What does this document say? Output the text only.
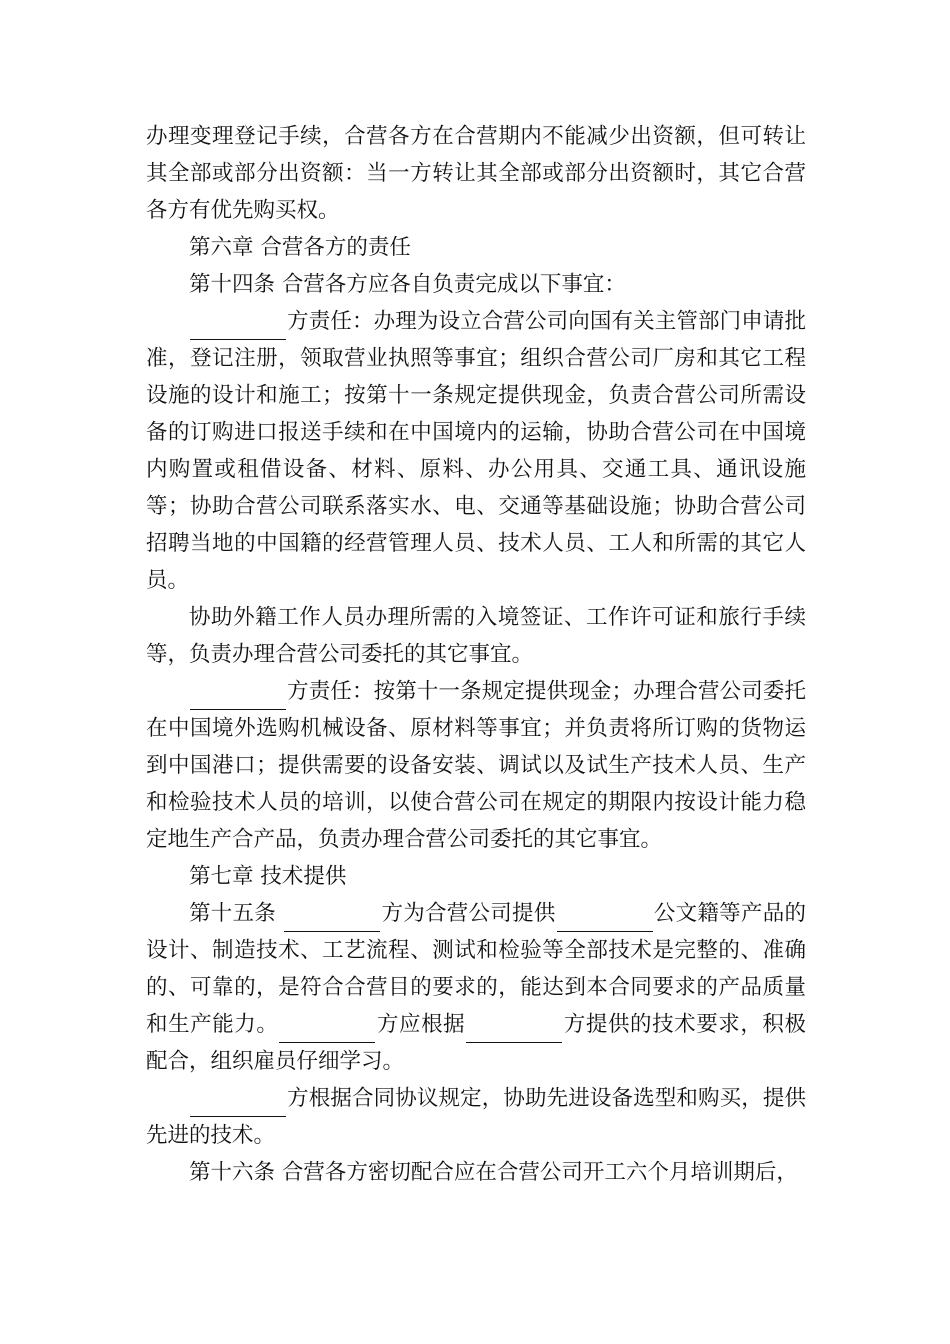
办理变理登记手续，合营各方在合营期内不能减少出资额，但可转让其全部或部分出资额：当一方转让其全部或部分出资额时，其它合营各方有优先购买权。

第六章 合营各方的责任

第十四条 合营各方应各自负责完成以下事宜：

方责任：办理为设立合营公司向国有关主管部门申请批准，登记注册，领取营业执照等事宜；组织合营公司厂房和其它工程设施的设计和施工；按第十一条规定提供现金，负责合营公司所需设备的订购进口报送手续和在中国境内的运输，协助合营公司在中国境内购置或租借设备、材料、原料、办公用具、交通工具、通讯设施等；协助合营公司联系落实水、电、交通等基础设施；协助合营公司招聘当地的中国籍的经营管理人员、技术人员、工人和所需的其它人员。

协助外籍工作人员办理所需的入境签证、工作许可证和旅行手续等，负责办理合营公司委托的其它事宜。

方责任：按第十一条规定提供现金；办理合营公司委托在中国境外选购机械设备、原材料等事宜；并负责将所订购的货物运到中国港口；提供需要的设备安装、调试以及试生产技术人员、生产和检验技术人员的培训，以使合营公司在规定的期限内按设计能力稳定地生产合产品，负责办理合营公司委托的其它事宜。

第七章 技术提供

第十五条	方为合营公司提供	公文籍等产品的设计、制造技术、工艺流程、测试和检验等全部技术是完整的、准确的、可靠的，是符合合营目的要求的，能达到本合同要求的产品质量和生产能力。	方应根据	方提供的技术要求，积极配合，组织雇员仔细学习。

方根据合同协议规定，协助先进设备选型和购买，提供先进的技术。

第十六条 合营各方密切配合应在合营公司开工六个月培训期后，
